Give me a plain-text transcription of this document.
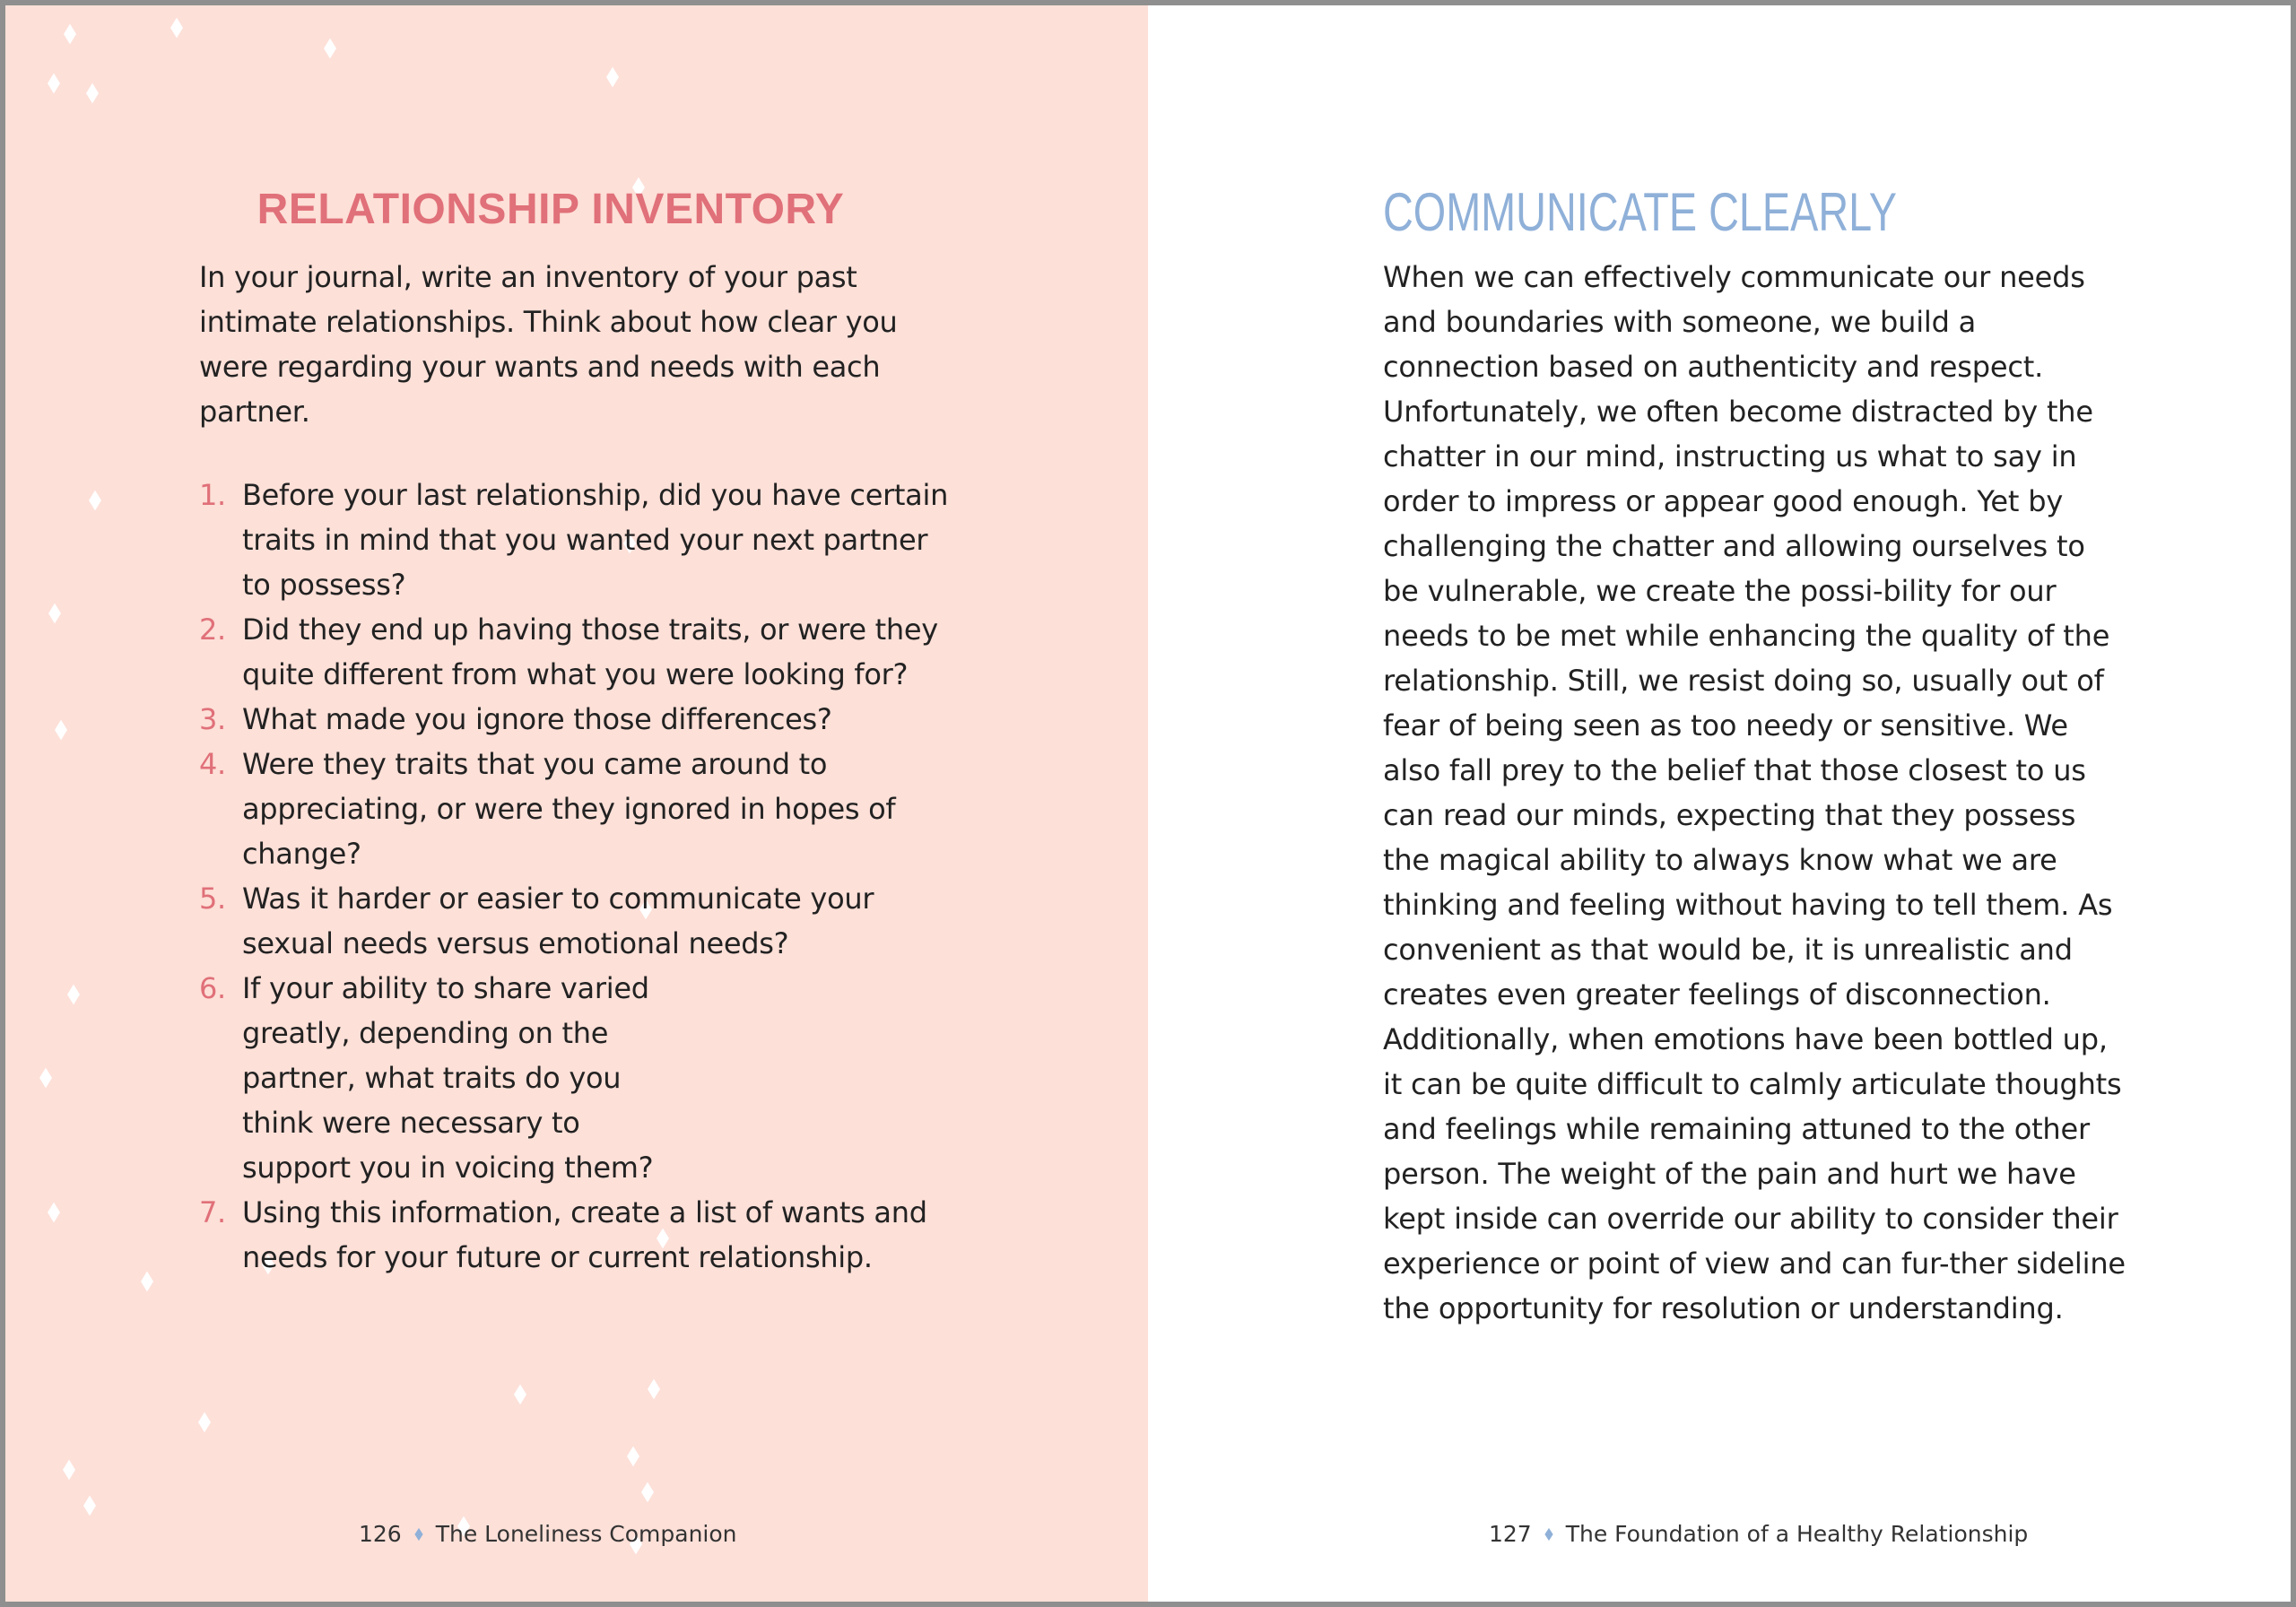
RELATIONSHIP INVENTORY

In your journal, write an inventory of your past intimate relationships. Think about how clear you were regarding your wants and needs with each partner.

1. Before your last relationship, did you have certain traits in mind that you wanted your next partner to possess?
2. Did they end up having those traits, or were they quite different from what you were looking for?
3. What made you ignore those differences?
4. Were they traits that you came around to appreciating, or were they ignored in hopes of change?
5. Was it harder or easier to communicate your sexual needs versus emotional needs?
6. If your ability to share varied greatly, depending on the partner, what traits do you think were necessary to support you in voicing them?
7. Using this information, create a list of wants and needs for your future or current relationship.
126 The Loneliness Companion
COMMUNICATE CLEARLY

When we can effectively communicate our needs and boundaries with someone, we build a connection based on authenticity and respect. Unfortunately, we often become distracted by the chatter in our mind, instructing us what to say in order to impress or appear good enough. Yet by challenging the chatter and allowing ourselves to be vulnerable, we create the possi-bility for our needs to be met while enhancing the quality of the relationship. Still, we resist doing so, usually out of fear of being seen as too needy or sensitive. We also fall prey to the belief that those closest to us can read our minds, expecting that they possess the magical ability to always know what we are thinking and feeling without having to tell them. As convenient as that would be, it is unrealistic and creates even greater feelings of disconnection. Additionally, when emotions have been bottled up, it can be quite difficult to calmly articulate thoughts and feelings while remaining attuned to the other person. The weight of the pain and hurt we have kept inside can override our ability to consider their experience or point of view and can fur-ther sideline the opportunity for resolution or understanding.

127 The Foundation of a Healthy Relationship
